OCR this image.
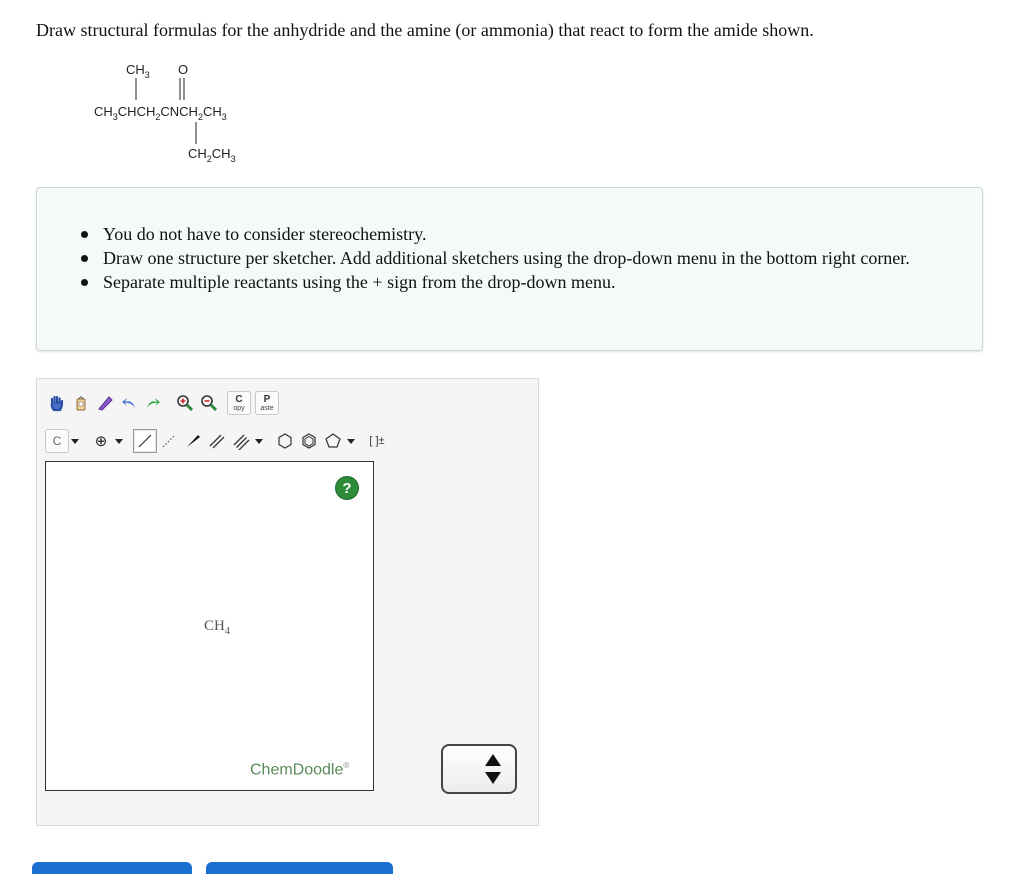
Draw structural formulas for the anhydride and the amine (or ammonia) that react to form the amide shown.
$CH_3$ O
$CH_3CHCH_2CNCH_2CH_3$
$CH_2CH_3$
You do not have to consider stereochemistry.
Draw one structure per sketcher. Add additional sketchers using the drop-down menu in the bottom right corner.
Separate multiple reactants using the + sign from the drop-down menu.
C
opy
P
aste
C	⊕	[ ]±
?
$CH_4$
ChemDoodle®
